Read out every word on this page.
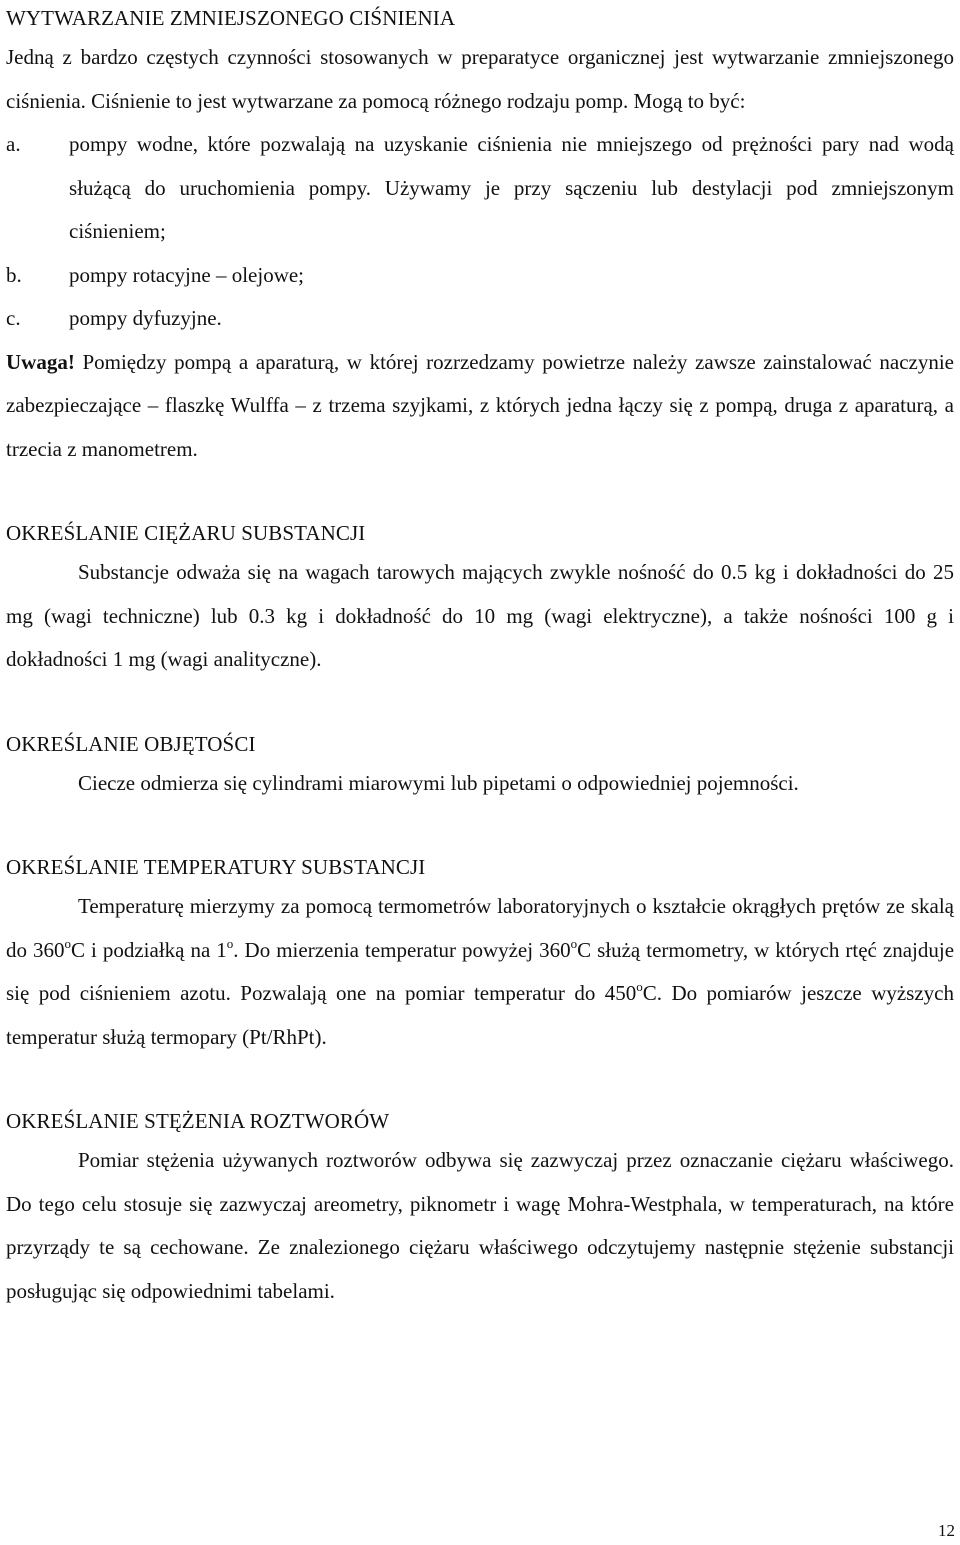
WYTWARZANIE ZMNIEJSZONEGO CIŚNIENIA

Jedną z bardzo częstych czynności stosowanych w preparatyce organicznej jest wytwarzanie zmniejszonego ciśnienia. Ciśnienie to jest wytwarzane za pomocą różnego rodzaju pomp. Mogą to być:

a.	pompy wodne, które pozwalają na uzyskanie ciśnienia nie mniejszego od prężności pary nad wodą służącą do uruchomienia pompy. Używamy je przy sączeniu lub destylacji pod zmniejszonym ciśnieniem;
b.	pompy rotacyjne – olejowe;
c.	pompy dyfuzyjne.

Uwaga! Pomiędzy pompą a aparaturą, w której rozrzedzamy powietrze należy zawsze zainstalować naczynie zabezpieczające – flaszkę Wulffa – z trzema szyjkami, z których jedna łączy się z pompą, druga z aparaturą, a trzecia z manometrem.

OKREŚLANIE CIĘŻARU SUBSTANCJI

Substancje odważa się na wagach tarowych mających zwykle nośność do 0.5 kg i dokładności do 25 mg (wagi techniczne) lub 0.3 kg i dokładność do 10 mg (wagi elektryczne), a także nośności 100 g i dokładności 1 mg (wagi analityczne).

OKREŚLANIE OBJĘTOŚCI

Ciecze odmierza się cylindrami miarowymi lub pipetami o odpowiedniej pojemności.

OKREŚLANIE TEMPERATURY SUBSTANCJI

Temperaturę mierzymy za pomocą termometrów laboratoryjnych o kształcie okrągłych prętów ze skalą do 360$^o$C i podziałką na 1$^o$. Do mierzenia temperatur powyżej 360$^o$C służą termometry, w których rtęć znajduje się pod ciśnieniem azotu. Pozwalają one na pomiar temperatur do 450$^o$C. Do pomiarów jeszcze wyższych temperatur służą termopary (Pt/RhPt).

OKREŚLANIE STĘŻENIA ROZTWORÓW

Pomiar stężenia używanych roztworów odbywa się zazwyczaj przez oznaczanie ciężaru właściwego. Do tego celu stosuje się zazwyczaj areometry, piknometr i wagę Mohra-Westphala, w temperaturach, na które przyrządy te są cechowane. Ze znalezionego ciężaru właściwego odczytujemy następnie stężenie substancji posługując się odpowiednimi tabelami.

12
